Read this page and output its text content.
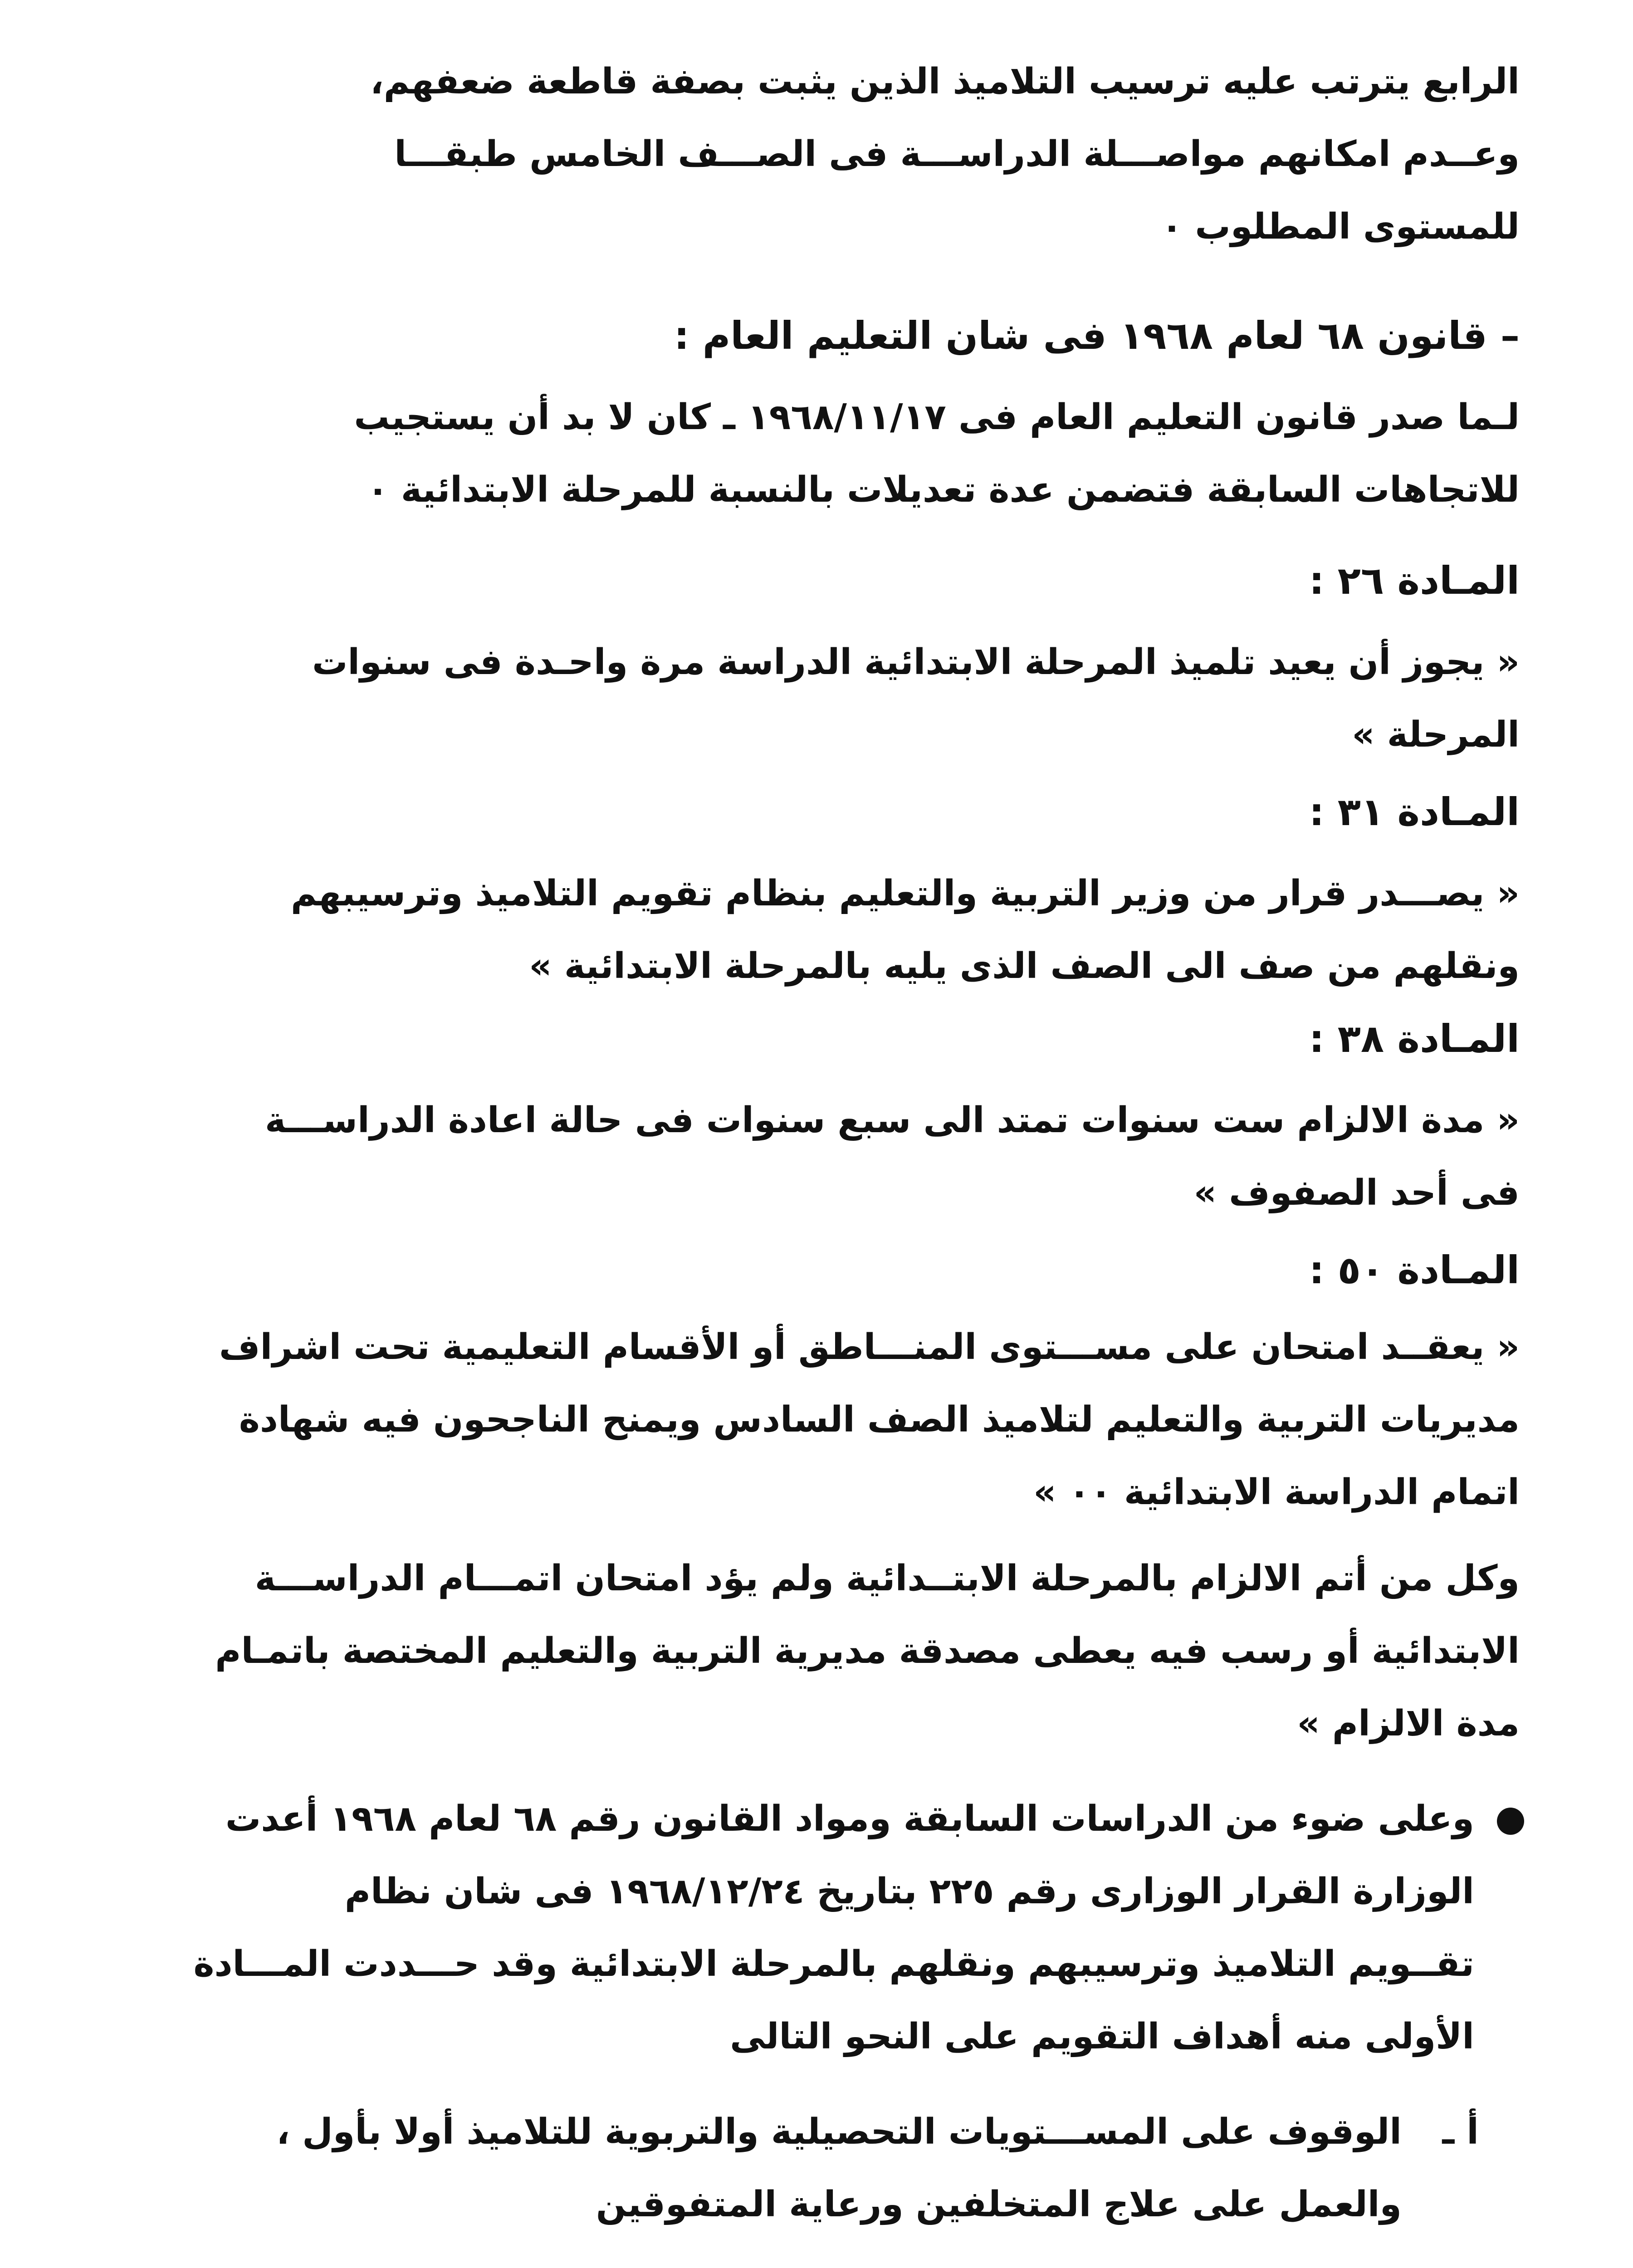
الرابع يترتب عليه ترسيب التلاميذ الذين يثبت بصفة قاطعة ضعفهم،
وعــدم امكانهم مواصـــلة الدراســـة فى الصـــف الخامس طبقـــا
للمستوى المطلوب ٠
– قانون ٦٨ لعام ١٩٦٨ فى شان التعليم العام :
لـما صدر قانون التعليم العام فى ١٩٦٨/١١/١٧ ـ كان لا بد أن يستجيب
للاتجاهات السابقة فتضمن عدة تعديلات بالنسبة للمرحلة الابتدائية ٠
المـادة ٢٦ :
« يجوز أن يعيد تلميذ المرحلة الابتدائية الدراسة مرة واحـدة فى سنوات
المرحلة »
المـادة ٣١ :
« يصـــدر قرار من وزير التربية والتعليم بنظام تقويم التلاميذ وترسيبهم
ونقلهم من صف الى الصف الذى يليه بالمرحلة الابتدائية »
المـادة ٣٨ :
« مدة الالزام ست سنوات تمتد الى سبع سنوات فى حالة اعادة الدراســـة
فى أحد الصفوف »
المـادة ٥٠ :
« يعقــد امتحان على مســـتوى المنـــاطق أو الأقسام التعليمية تحت اشراف
مديريات التربية والتعليم لتلاميذ الصف السادس ويمنح الناجحون فيه شهادة
اتمام الدراسة الابتدائية ٠٠ »
وكل من أتم الالزام بالمرحلة الابتــدائية ولم يؤد امتحان اتمـــام الدراســـة
الابتدائية أو رسب فيه يعطى مصدقة مديرية التربية والتعليم المختصة باتمـام
مدة الالزام »
وعلى ضوء من الدراسات السابقة ومواد القانون رقم ٦٨ لعام ١٩٦٨ أعدت
الوزارة القرار الوزارى رقم ٢٢٥ بتاريخ ١٩٦٨/١٢/٢٤ فى شان نظام
تقــويم التلاميذ وترسيبهم ونقلهم بالمرحلة الابتدائية وقد حـــددت المـــادة
الأولى منه أهداف التقويم على النحو التالى
أ ـ
الوقوف على المســـتويات التحصيلية والتربوية للتلاميذ أولا بأول ،
والعمل على علاج المتخلفين ورعاية المتفوقين
